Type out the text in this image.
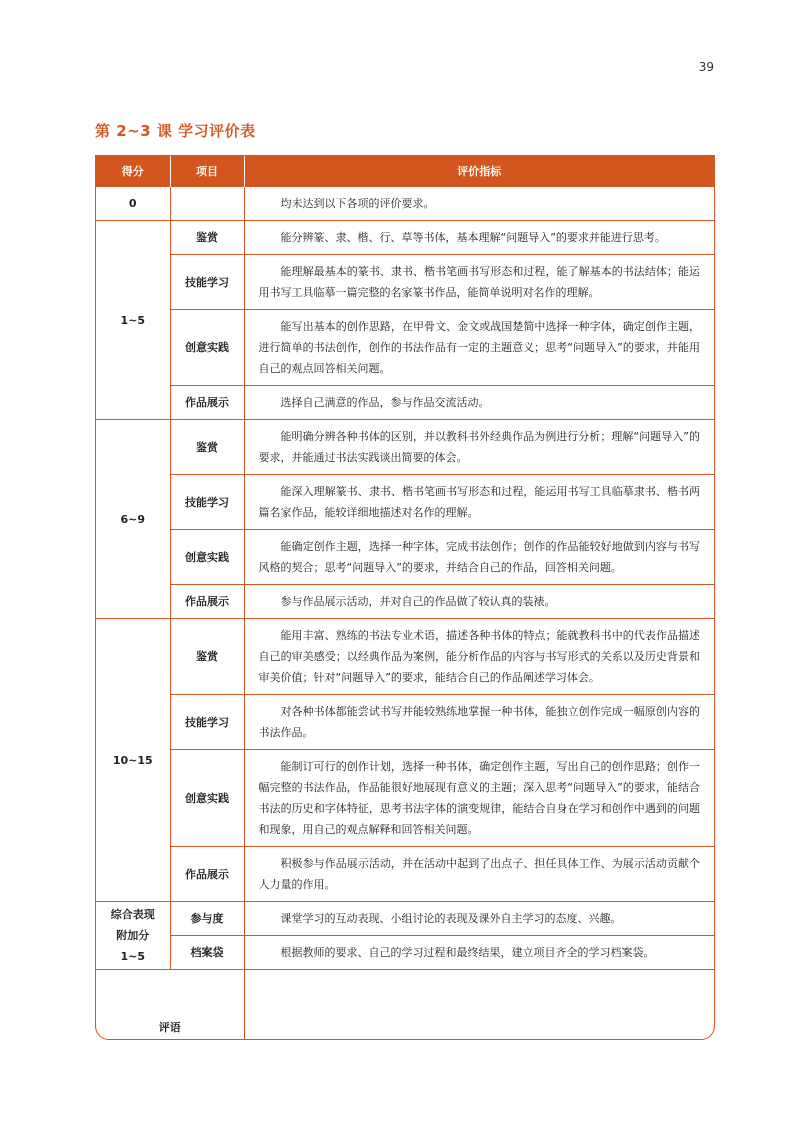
39
第 2~3 课 学习评价表
得分	项目	评价指标
0		均未达到以下各项的评价要求。
1~5	鉴赏	能分辨篆、隶、楷、行、草等书体，基本理解“问题导入”的要求并能进行思考。
	技能学习	能理解最基本的篆书、隶书、楷书笔画书写形态和过程，能了解基本的书法结体；能运用书写工具临摹一篇完整的名家篆书作品，能简单说明对名作的理解。
	创意实践	能写出基本的创作思路，在甲骨文、金文或战国楚简中选择一种字体，确定创作主题，进行简单的书法创作，创作的书法作品有一定的主题意义；思考“问题导入”的要求，并能用自己的观点回答相关问题。
	作品展示	选择自己满意的作品，参与作品交流活动。
6~9	鉴赏	能明确分辨各种书体的区别，并以教科书外经典作品为例进行分析；理解“问题导入”的要求，并能通过书法实践谈出简要的体会。
	技能学习	能深入理解篆书、隶书、楷书笔画书写形态和过程，能运用书写工具临摹隶书、楷书两篇名家作品，能较详细地描述对名作的理解。
	创意实践	能确定创作主题，选择一种字体，完成书法创作；创作的作品能较好地做到内容与书写风格的契合；思考“问题导入”的要求，并结合自己的作品，回答相关问题。
	作品展示	参与作品展示活动，并对自己的作品做了较认真的装裱。
10~15	鉴赏	能用丰富、熟练的书法专业术语，描述各种书体的特点；能就教科书中的代表作品描述自己的审美感受；以经典作品为案例，能分析作品的内容与书写形式的关系以及历史背景和审美价值；针对“问题导入”的要求，能结合自己的作品阐述学习体会。
	技能学习	对各种书体都能尝试书写并能较熟练地掌握一种书体，能独立创作完成一幅原创内容的书法作品。
	创意实践	能制订可行的创作计划，选择一种书体，确定创作主题，写出自己的创作思路；创作一幅完整的书法作品，作品能很好地展现有意义的主题；深入思考“问题导入”的要求，能结合书法的历史和字体特征，思考书法字体的演变规律，能结合自身在学习和创作中遇到的问题和现象，用自己的观点解释和回答相关问题。
	作品展示	积极参与作品展示活动，并在活动中起到了出点子、担任具体工作、为展示活动贡献个人力量的作用。
综合表现附加分 1~5	参与度	课堂学习的互动表现、小组讨论的表现及课外自主学习的态度、兴趣。
	档案袋	根据教师的要求、自己的学习过程和最终结果，建立项目齐全的学习档案袋。
评语		
